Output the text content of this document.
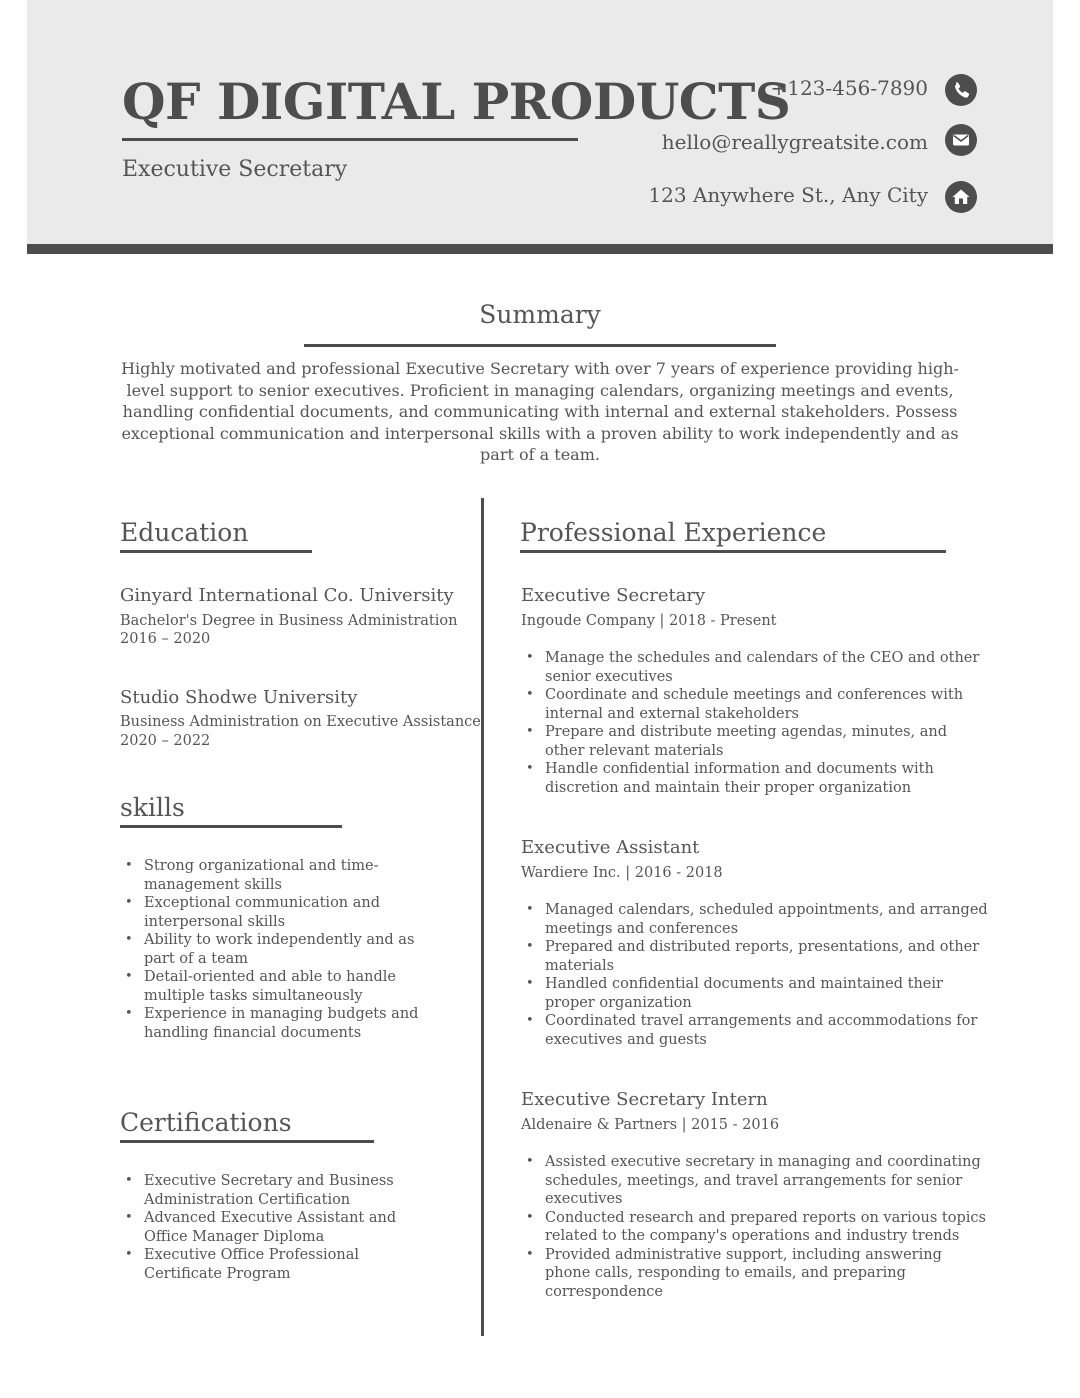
QF DIGITAL PRODUCTS
Executive Secretary
+123-456-7890
hello@reallygreatsite.com
123 Anywhere St., Any City
Summary

Highly motivated and professional Executive Secretary with over 7 years of experience providing high-level support to senior executives. Proficient in managing calendars, organizing meetings and events, handling confidential documents, and communicating with internal and external stakeholders. Possess exceptional communication and interpersonal skills with a proven ability to work independently and as part of a team.

Education
Ginyard International Co. University
Bachelor's Degree in Business Administration
2016 – 2020
Studio Shodwe University
Business Administration on Executive Assistance
2020 – 2022
skills
• Strong organizational and time-management skills
• Exceptional communication and interpersonal skills
• Ability to work independently and as part of a team
• Detail-oriented and able to handle multiple tasks simultaneously
• Experience in managing budgets and handling financial documents
Certifications
• Executive Secretary and Business Administration Certification
• Advanced Executive Assistant and Office Manager Diploma
• Executive Office Professional Certificate Program
Professional Experience
Executive Secretary
Ingoude Company | 2018 - Present
• Manage the schedules and calendars of the CEO and other senior executives
• Coordinate and schedule meetings and conferences with internal and external stakeholders
• Prepare and distribute meeting agendas, minutes, and other relevant materials
• Handle confidential information and documents with discretion and maintain their proper organization
Executive Assistant
Wardiere Inc. | 2016 - 2018
• Managed calendars, scheduled appointments, and arranged meetings and conferences
• Prepared and distributed reports, presentations, and other materials
• Handled confidential documents and maintained their proper organization
• Coordinated travel arrangements and accommodations for executives and guests
Executive Secretary Intern
Aldenaire & Partners | 2015 - 2016
• Assisted executive secretary in managing and coordinating schedules, meetings, and travel arrangements for senior executives
• Conducted research and prepared reports on various topics related to the company's operations and industry trends
• Provided administrative support, including answering phone calls, responding to emails, and preparing correspondence
